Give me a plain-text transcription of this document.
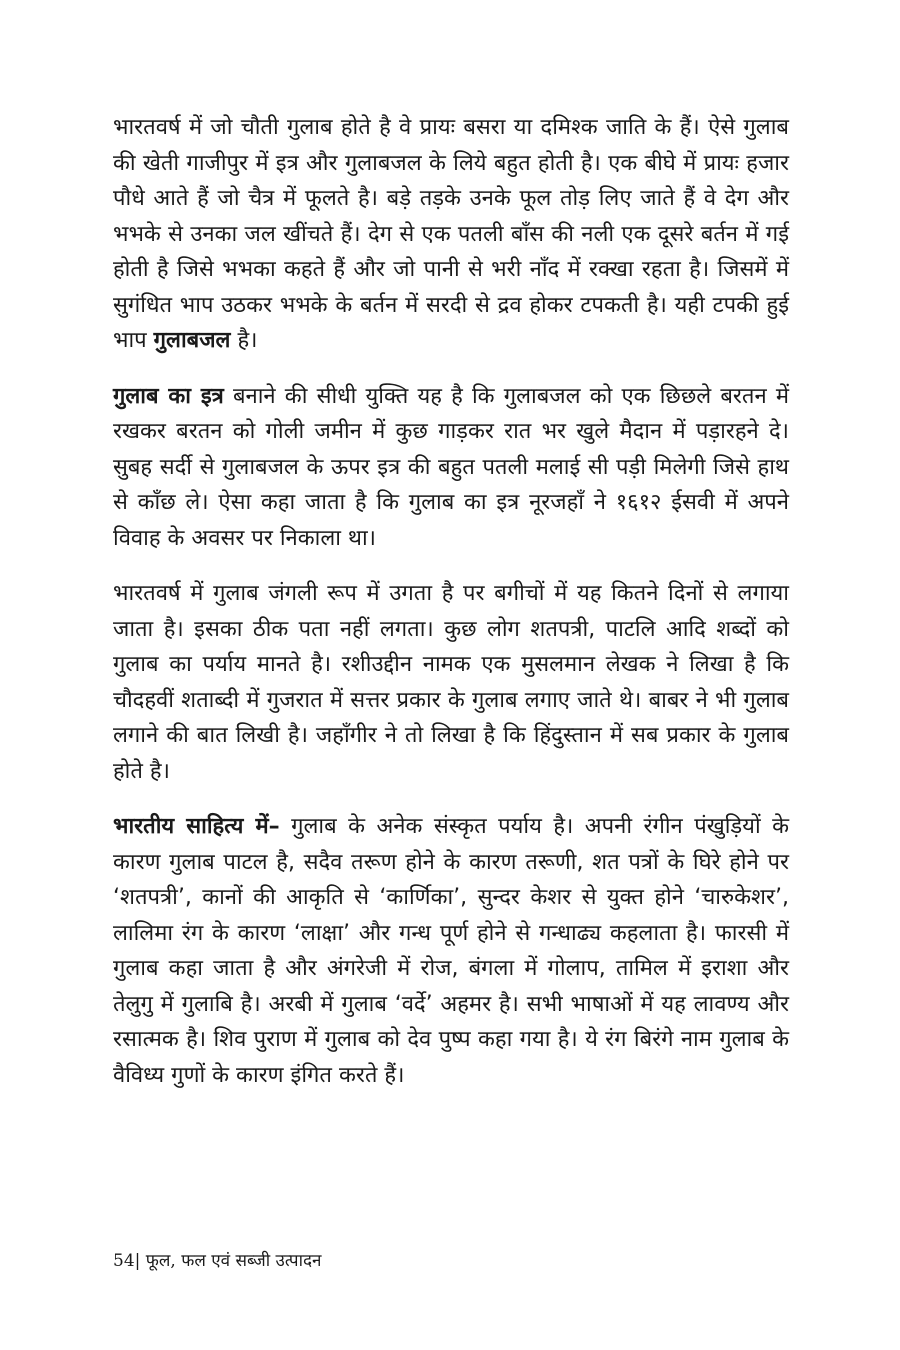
भारतवर्ष में जो चौती गुलाब होते है वे प्रायः बसरा या दमिश्क जाति के हैं। ऐसे गुलाब की खेती गाजीपुर में इत्र और गुलाबजल के लिये बहुत होती है। एक बीघे में प्रायः हजार पौधे आते हैं जो चैत्र में फूलते है। बड़े तड़के उनके फूल तोड़ लिए जाते हैं वे देग और भभके से उनका जल खींचते हैं। देग से एक पतली बाँस की नली एक दूसरे बर्तन में गई होती है जिसे भभका कहते हैं और जो पानी से भरी नाँद में रक्खा रहता है। जिसमें में सुगंधित भाप उठकर भभके के बर्तन में सरदी से द्रव होकर टपकती है। यही टपकी हुई भाप गुलाबजल है।

गुलाब का इत्र बनाने की सीधी युक्ति यह है कि गुलाबजल को एक छिछले बरतन में रखकर बरतन को गोली जमीन में कुछ गाड़कर रात भर खुले मैदान में पड़ारहने दे। सुबह सर्दी से गुलाबजल के ऊपर इत्र की बहुत पतली मलाई सी पड़ी मिलेगी जिसे हाथ से काँछ ले। ऐसा कहा जाता है कि गुलाब का इत्र नूरजहाँ ने १६१२ ईसवी में अपने विवाह के अवसर पर निकाला था।

भारतवर्ष में गुलाब जंगली रूप में उगता है पर बगीचों में यह कितने दिनों से लगाया जाता है। इसका ठीक पता नहीं लगता। कुछ लोग शतपत्री, पाटलि आदि शब्दों को गुलाब का पर्याय मानते है। रशीउद्दीन नामक एक मुसलमान लेखक ने लिखा है कि चौदहवीं शताब्दी में गुजरात में सत्तर प्रकार के गुलाब लगाए जाते थे। बाबर ने भी गुलाब लगाने की बात लिखी है। जहाँगीर ने तो लिखा है कि हिंदुस्तान में सब प्रकार के गुलाब होते है।

भारतीय साहित्य में– गुलाब के अनेक संस्कृत पर्याय है। अपनी रंगीन पंखुड़ियों के कारण गुलाब पाटल है, सदैव तरूण होने के कारण तरूणी, शत पत्रों के घिरे होने पर ‘शतपत्री’, कानों की आकृति से ‘कार्णिका’, सुन्दर केशर से युक्त होने ‘चारुकेशर’, लालिमा रंग के कारण ‘लाक्षा’ और गन्ध पूर्ण होने से गन्धाढ्य कहलाता है। फारसी में गुलाब कहा जाता है और अंगरेजी में रोज, बंगला में गोलाप, तामिल में इराशा और तेलुगु में गुलाबि है। अरबी में गुलाब ‘वर्दे’ अहमर है। सभी भाषाओं में यह लावण्य और रसात्मक है। शिव पुराण में गुलाब को देव पुष्प कहा गया है। ये रंग बिरंगे नाम गुलाब के वैविध्य गुणों के कारण इंगित करते हैं।

54| फूल, फल एवं सब्जी उत्पादन
